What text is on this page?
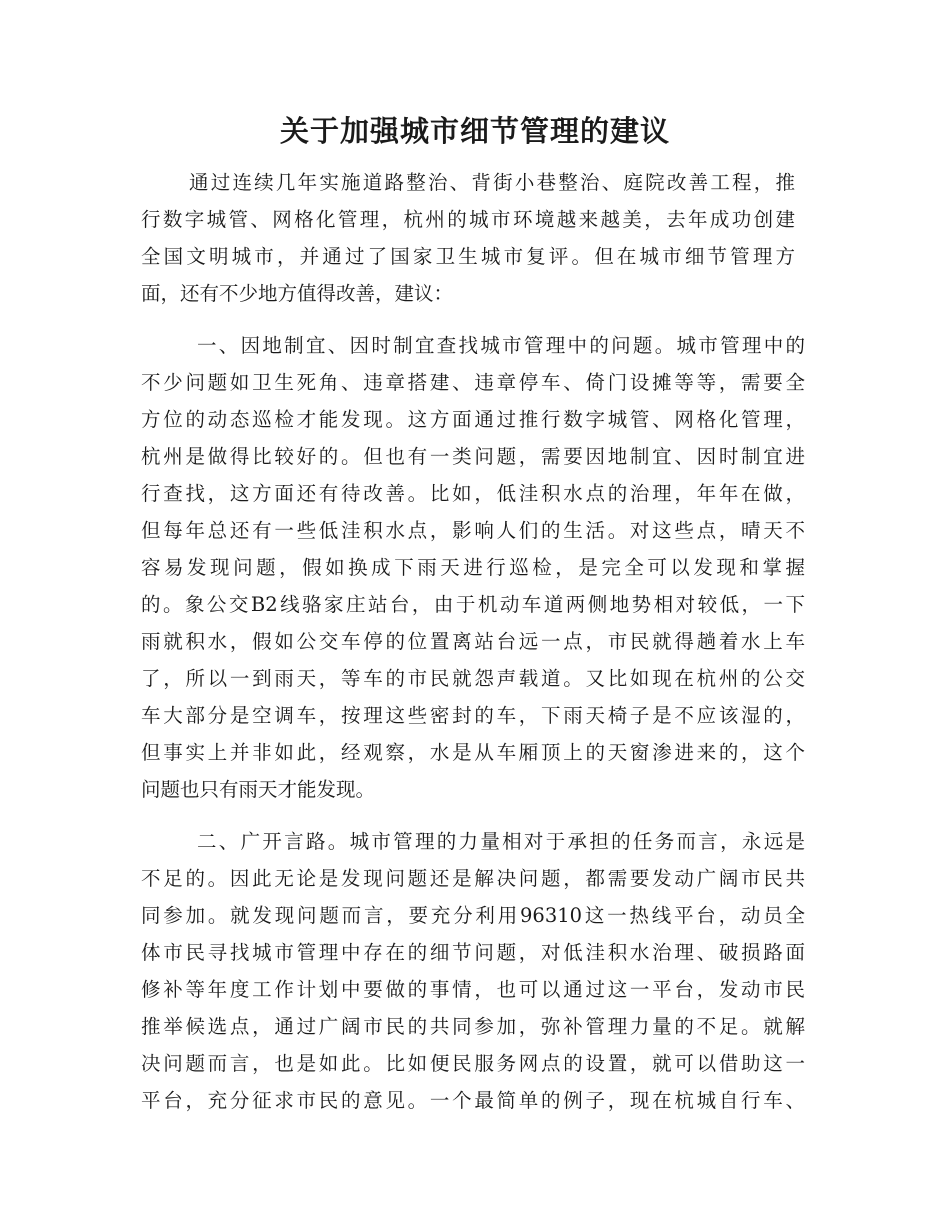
关于加强城市细节管理的建议
通过连续几年实施道路整治、背街小巷整治、庭院改善工程，推
行数字城管、网格化管理，杭州的城市环境越来越美，去年成功创建
全国文明城市，并通过了国家卫生城市复评。但在城市细节管理方
面，还有不少地方值得改善，建议：
一、因地制宜、因时制宜查找城市管理中的问题。城市管理中的
不少问题如卫生死角、违章搭建、违章停车、倚门设摊等等，需要全
方位的动态巡检才能发现。这方面通过推行数字城管、网格化管理，
杭州是做得比较好的。但也有一类问题，需要因地制宜、因时制宜进
行查找，这方面还有待改善。比如，低洼积水点的治理，年年在做，
但每年总还有一些低洼积水点，影响人们的生活。对这些点，晴天不
容易发现问题，假如换成下雨天进行巡检，是完全可以发现和掌握
的。象公交B2线骆家庄站台，由于机动车道两侧地势相对较低，一下
雨就积水，假如公交车停的位置离站台远一点，市民就得趟着水上车
了，所以一到雨天，等车的市民就怨声载道。又比如现在杭州的公交
车大部分是空调车，按理这些密封的车，下雨天椅子是不应该湿的，
但事实上并非如此，经观察，水是从车厢顶上的天窗渗进来的，这个
问题也只有雨天才能发现。
二、广开言路。城市管理的力量相对于承担的任务而言，永远是
不足的。因此无论是发现问题还是解决问题，都需要发动广阔市民共
同参加。就发现问题而言，要充分利用96310这一热线平台，动员全
体市民寻找城市管理中存在的细节问题，对低洼积水治理、破损路面
修补等年度工作计划中要做的事情，也可以通过这一平台，发动市民
推举候选点，通过广阔市民的共同参加，弥补管理力量的不足。就解
决问题而言，也是如此。比如便民服务网点的设置，就可以借助这一
平台，充分征求市民的意见。一个最简单的例子，现在杭城自行车、
